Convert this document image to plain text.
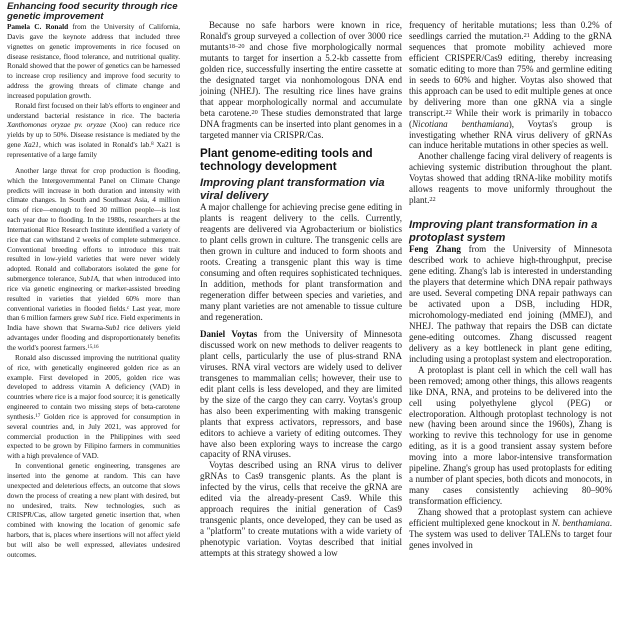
Enhancing food security through rice genetic improvement

Pamela C. Ronald from the University of California, Davis gave the keynote address that included three vignettes on genetic improvements in rice focused on disease resistance, flood tolerance, and nutritional quality. Ronald showed that the power of genetics can be harnessed to increase crop resiliency and improve food security to address the growing threats of climate change and increased population growth.

Ronald first focused on their lab's efforts to engineer and understand bacterial resistance in rice. The bacteria Xanthomonas oryzae pv. oryzae (Xoo) can reduce rice yields by up to 50%. Disease resistance is mediated by the gene Xa21, which was isolated in Ronald's lab.$^8$ Xa21 is representative of a large family

Another large threat for crop production is flooding, which the Intergovernmental Panel on Climate Change predicts will increase in both duration and intensity with climate changes. In South and Southeast Asia, 4 million tons of rice—enough to feed 30 million people—is lost each year due to flooding. In the 1980s, researchers at the International Rice Research Institute identified a variety of rice that can withstand 2 weeks of complete submergence. Conventional breeding efforts to introduce this trait resulted in low-yield varieties that were never widely adopted. Ronald and collaborators isolated the gene for submergence tolerance, Sub1A, that when introduced into rice via genetic engineering or marker-assisted breeding resulted in varieties that yielded 60% more than conventional varieties in flooded fields.$^c$ Last year, more than 6 million farmers grew Sub1 rice. Field experiments in India have shown that Swarna-Sub1 rice delivers yield advantages under flooding and disproportionately benefits the world's poorest farmers.$^{15,16}$

Ronald also discussed improving the nutritional quality of rice, with genetically engineered golden rice as an example. First developed in 2005, golden rice was developed to address vitamin A deficiency (VAD) in countries where rice is a major food source; it is genetically engineered to contain two missing steps of beta-carotene synthesis.$^{17}$ Golden rice is approved for consumption in several countries and, in July 2021, was approved for commercial production in the Philippines with seed expected to be grown by Filipino farmers in communities with a high prevalence of VAD.

In conventional genetic engineering, transgenes are inserted into the genome at random. This can have unexpected and deleterious effects, an outcome that slows down the process of creating a new plant with desired, but no undesired, traits. New technologies, such as CRISPR/Cas, allow targeted genetic insertion that, when combined with knowing the location of genomic safe harbors, that is, places where insertions will not affect yield but will also be well expressed, alleviates undesired outcomes.

Because no safe harbors were known in rice, Ronald's group surveyed a collection of over 3000 rice mutants$^{18-20}$ and chose five morphologically normal mutants to target for insertion a 5.2-kb cassette from golden rice, successfully inserting the entire cassette at the designated target via nonhomologous DNA end joining (NHEJ). The resulting rice lines have grains that appear morphologically normal and accumulate beta carotene.$^{20}$ These studies demonstrated that large DNA fragments can be inserted into plant genomes in a targeted manner via CRISPR/Cas.

Plant genome-editing tools and technology development
Improving plant transformation via viral delivery

A major challenge for achieving precise gene editing in plants is reagent delivery to the cells. Currently, reagents are delivered via Agrobacterium or biolistics to plant cells grown in culture. The transgenic cells are then grown in culture and induced to form shoots and roots. Creating a transgenic plant this way is time consuming and often requires sophisticated techniques. In addition, methods for plant transformation and regeneration differ between species and varieties, and many plant varieties are not amenable to tissue culture and regeneration.

Daniel Voytas from the University of Minnesota discussed work on new methods to deliver reagents to plant cells, particularly the use of plus-strand RNA viruses. RNA viral vectors are widely used to deliver transgenes to mammalian cells; however, their use to edit plant cells is less developed, and they are limited by the size of the cargo they can carry. Voytas's group has also been experimenting with making transgenic plants that express activators, repressors, and base editors to achieve a variety of editing outcomes. They have also been exploring ways to increase the cargo capacity of RNA viruses.

Voytas described using an RNA virus to deliver gRNAs to Cas9 transgenic plants. As the plant is infected by the virus, cells that receive the gRNA are edited via the already-present Cas9. While this approach requires the initial generation of Cas9 transgenic plants, once developed, they can be used as a "platform" to create mutations with a wide variety of phenotypic variation. Voytas described that initial attempts at this strategy showed a low

frequency of heritable mutations; less than 0.2% of seedlings carried the mutation.$^{21}$ Adding to the gRNA sequences that promote mobility achieved more efficient CRISPER/Cas9 editing, thereby increasing somatic editing to more than 75% and germline editing in seeds to 60% and higher. Voytas also showed that this approach can be used to edit multiple genes at once by delivering more than one gRNA via a single transcript.$^{22}$ While their work is primarily in tobacco (Nicotiana benthamiana), Voytas's group is investigating whether RNA virus delivery of gRNAs can induce heritable mutations in other species as well.

Another challenge facing viral delivery of reagents is achieving systemic distribution throughout the plant. Voytas showed that adding tRNA-like mobility motifs allows reagents to move uniformly throughout the plant.$^{22}$

Improving plant transformation in a protoplast system

Feng Zhang from the University of Minnesota described work to achieve high-throughput, precise gene editing. Zhang's lab is interested in understanding the players that determine which DNA repair pathways are used. Several competing DNA repair pathways can be activated upon a DSB, including HDR, microhomology-mediated end joining (MMEJ), and NHEJ. The pathway that repairs the DSB can dictate gene-editing outcomes. Zhang discussed reagent delivery as a key bottleneck in plant gene editing, including using a protoplast system and electroporation.

A protoplast is plant cell in which the cell wall has been removed; among other things, this allows reagents like DNA, RNA, and proteins to be delivered into the cell using polyethylene glycol (PEG) or electroporation. Although protoplast technology is not new (having been around since the 1960s), Zhang is working to revive this technology for use in genome editing, as it is a good transient assay system before moving into a more labor-intensive transformation pipeline. Zhang's group has used protoplasts for editing a number of plant species, both dicots and monocots, in many cases consistently achieving 80–90% transformation efficiency.

Zhang showed that a protoplast system can achieve efficient multiplexed gene knockout in N. benthamiana. The system was used to deliver TALENs to target four genes involved in
